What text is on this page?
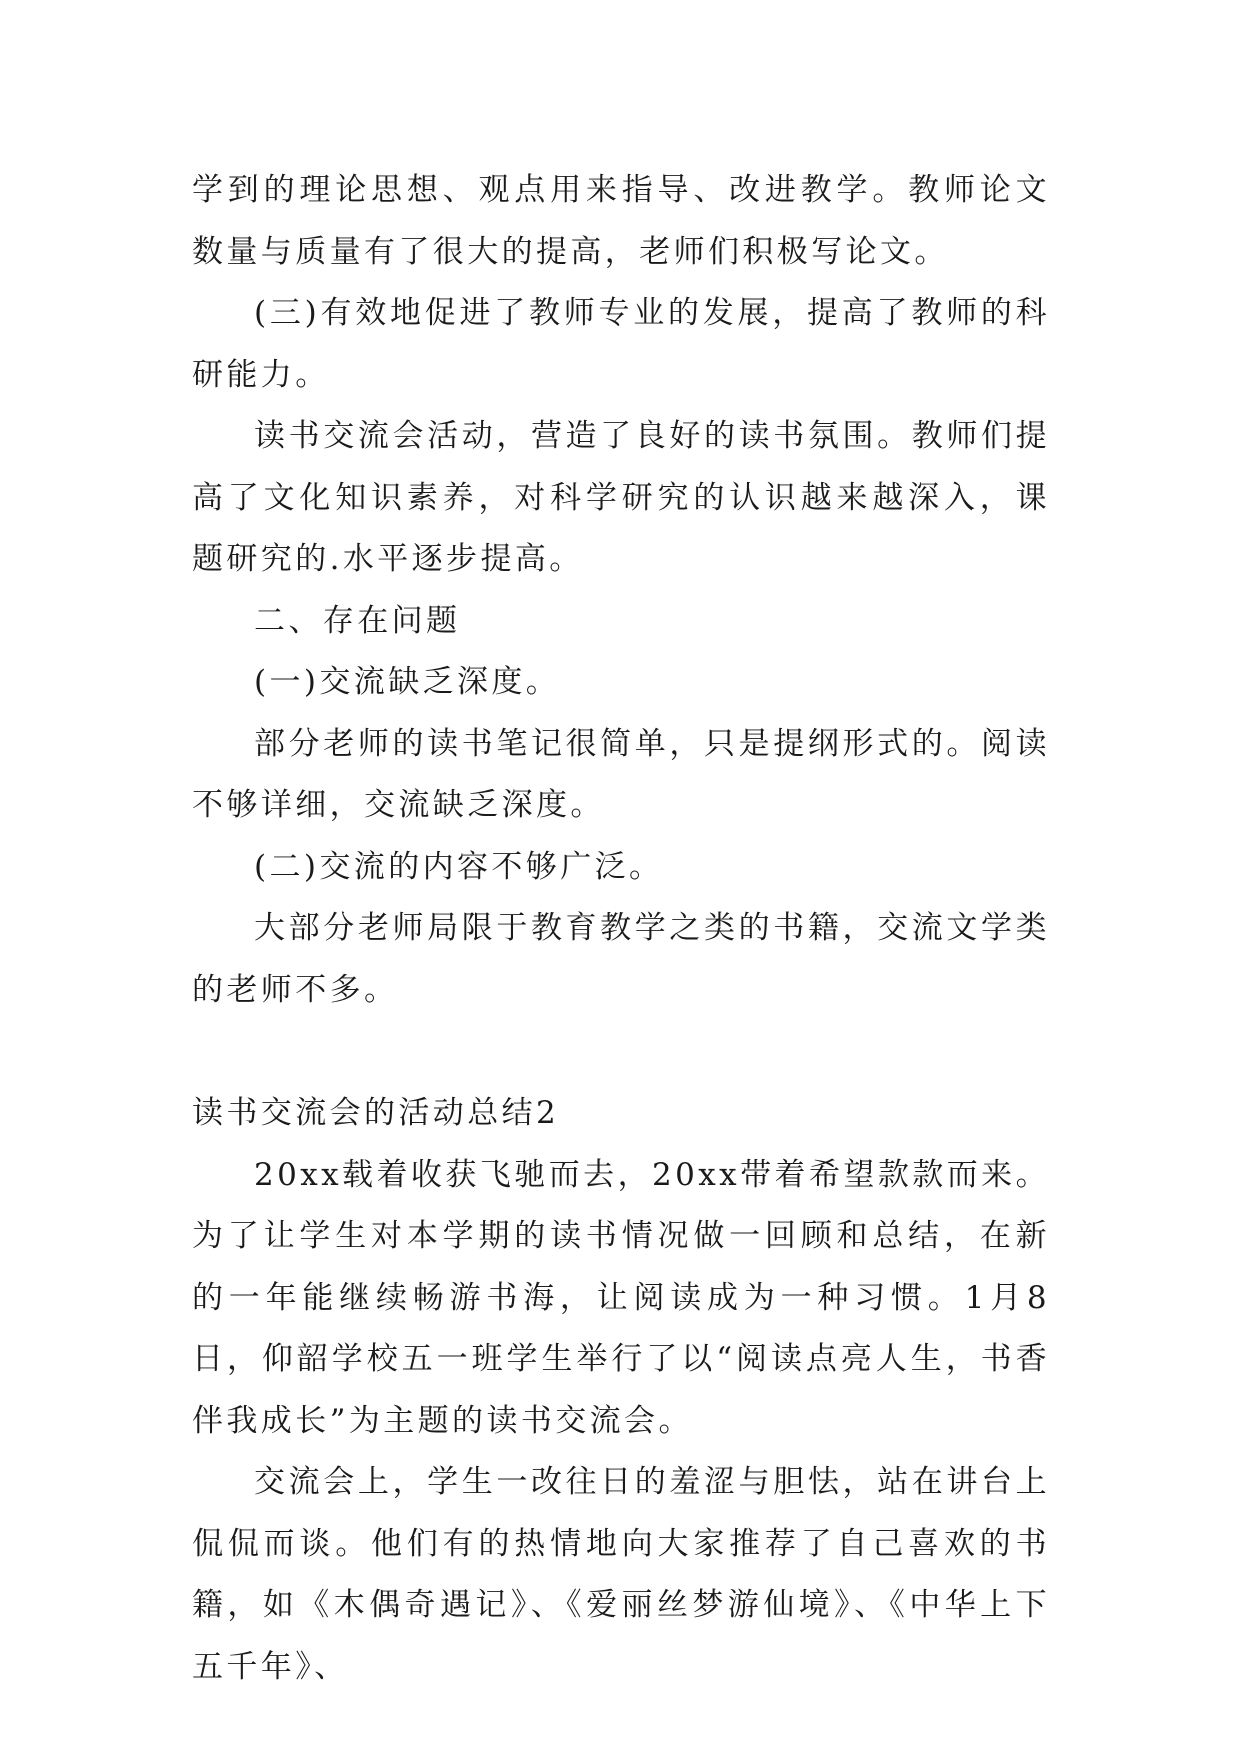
学到的理论思想、观点用来指导、改进教学。教师论文数量与质量有了很大的提高，老师们积极写论文。

(三)有效地促进了教师专业的发展，提高了教师的科研能力。

读书交流会活动，营造了良好的读书氛围。教师们提高了文化知识素养，对科学研究的认识越来越深入，课题研究的.水平逐步提高。

二、存在问题

(一)交流缺乏深度。

部分老师的读书笔记很简单，只是提纲形式的。阅读不够详细，交流缺乏深度。

(二)交流的内容不够广泛。

大部分老师局限于教育教学之类的书籍，交流文学类的老师不多。

读书交流会的活动总结2

20xx载着收获飞驰而去，20xx带着希望款款而来。为了让学生对本学期的读书情况做一回顾和总结，在新的一年能继续畅游书海，让阅读成为一种习惯。1月8日，仰韶学校五一班学生举行了以“阅读点亮人生，书香伴我成长”为主题的读书交流会。

交流会上，学生一改往日的羞涩与胆怯，站在讲台上侃侃而谈。他们有的热情地向大家推荐了自己喜欢的书籍，如《木偶奇遇记》、《爱丽丝梦游仙境》、《中华上下五千年》、
